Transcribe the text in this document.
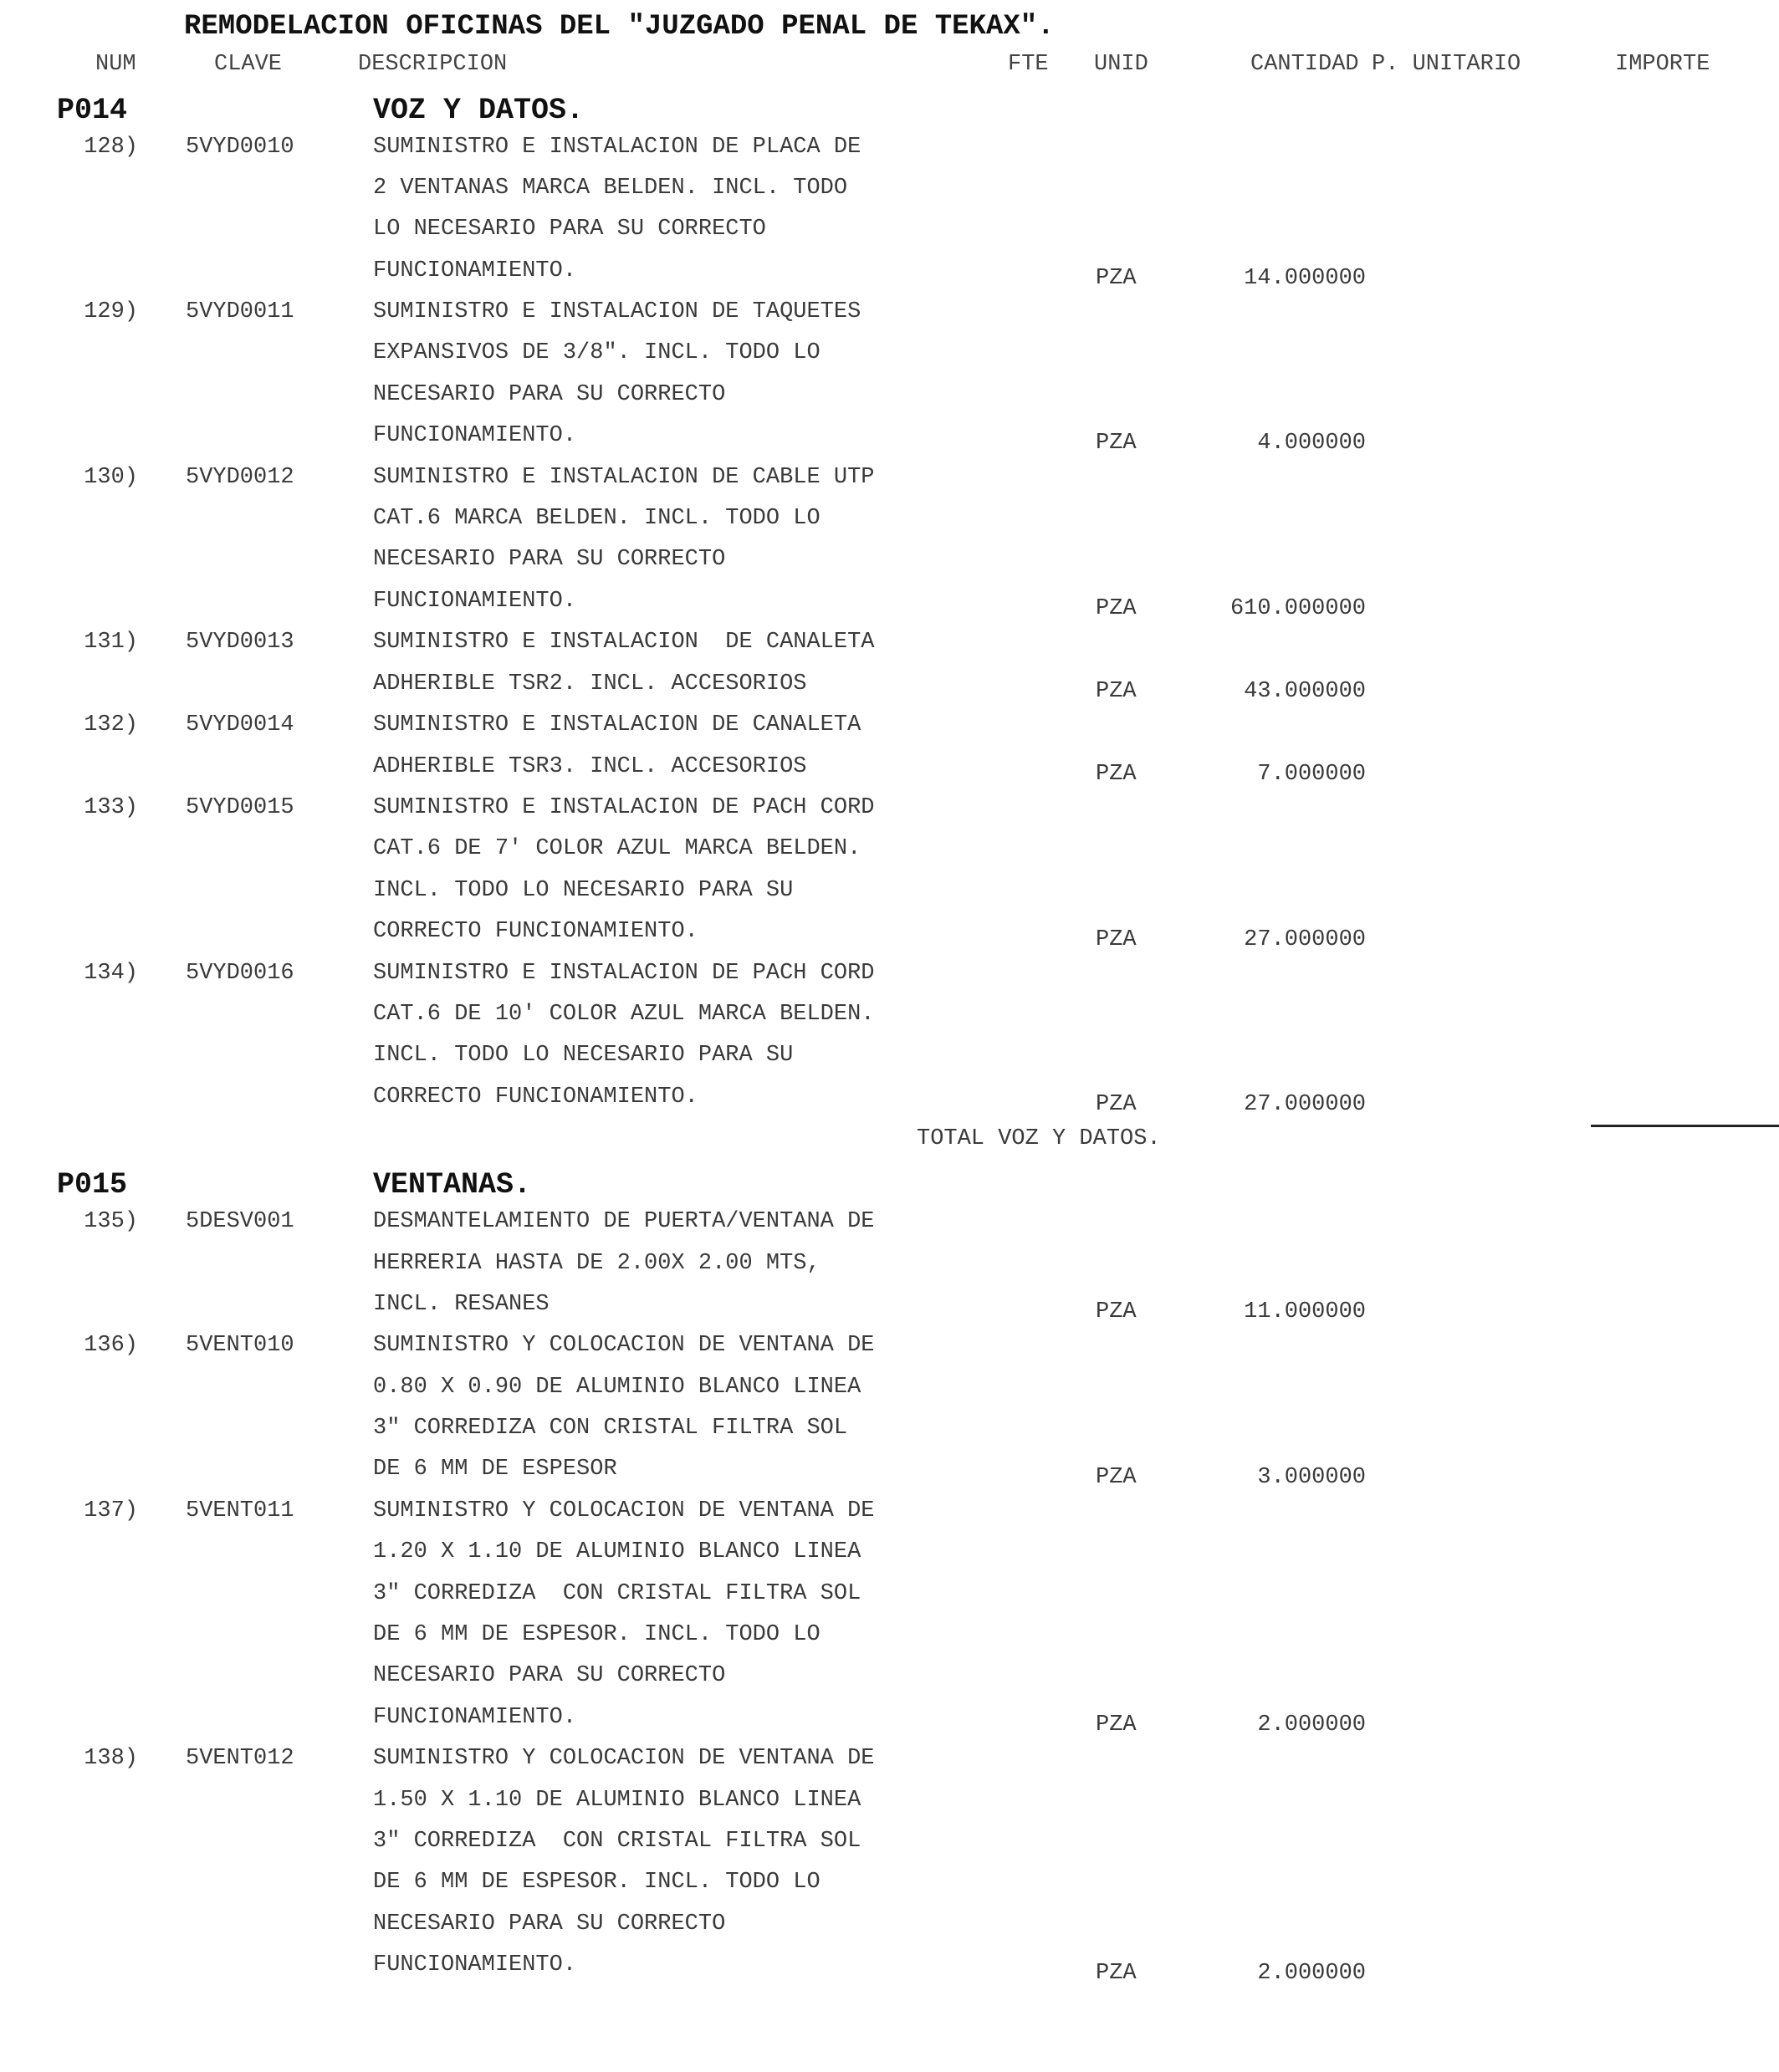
REMODELACION OFICINAS DEL "JUZGADO PENAL DE TEKAX".
NUM	CLAVE	DESCRIPCION	FTE UNID	CANTIDAD P. UNITARIO	IMPORTE
P014	VOZ Y DATOS.
128) 5VYD0010	SUMINISTRO E INSTALACION DE PLACA DE
2 VENTANAS MARCA BELDEN. INCL. TODO
LO NECESARIO PARA SU CORRECTO
FUNCIONAMIENTO.	PZA	14.000000
129) 5VYD0011	SUMINISTRO E INSTALACION DE TAQUETES
EXPANSIVOS DE 3/8". INCL. TODO LO
NECESARIO PARA SU CORRECTO
FUNCIONAMIENTO.	PZA	4.000000
130) 5VYD0012	SUMINISTRO E INSTALACION DE CABLE UTP
CAT.6 MARCA BELDEN. INCL. TODO LO
NECESARIO PARA SU CORRECTO
FUNCIONAMIENTO.	PZA	610.000000
131) 5VYD0013	SUMINISTRO E INSTALACION  DE CANALETA
ADHERIBLE TSR2. INCL. ACCESORIOS	PZA	43.000000
132) 5VYD0014	SUMINISTRO E INSTALACION DE CANALETA
ADHERIBLE TSR3. INCL. ACCESORIOS	PZA	7.000000
133) 5VYD0015	SUMINISTRO E INSTALACION DE PACH CORD
CAT.6 DE 7' COLOR AZUL MARCA BELDEN.
INCL. TODO LO NECESARIO PARA SU
CORRECTO FUNCIONAMIENTO.	PZA	27.000000
134) 5VYD0016	SUMINISTRO E INSTALACION DE PACH CORD
CAT.6 DE 10' COLOR AZUL MARCA BELDEN.
INCL. TODO LO NECESARIO PARA SU
CORRECTO FUNCIONAMIENTO.	PZA	27.000000
TOTAL VOZ Y DATOS.
P015	VENTANAS.
135) 5DESV001	DESMANTELAMIENTO DE PUERTA/VENTANA DE
HERRERIA HASTA DE 2.00X 2.00 MTS,
INCL. RESANES	PZA	11.000000
136) 5VENT010	SUMINISTRO Y COLOCACION DE VENTANA DE
0.80 X 0.90 DE ALUMINIO BLANCO LINEA
3" CORREDIZA CON CRISTAL FILTRA SOL
DE 6 MM DE ESPESOR	PZA	3.000000
137) 5VENT011	SUMINISTRO Y COLOCACION DE VENTANA DE
1.20 X 1.10 DE ALUMINIO BLANCO LINEA
3" CORREDIZA  CON CRISTAL FILTRA SOL
DE 6 MM DE ESPESOR. INCL. TODO LO
NECESARIO PARA SU CORRECTO
FUNCIONAMIENTO.	PZA	2.000000
138) 5VENT012	SUMINISTRO Y COLOCACION DE VENTANA DE
1.50 X 1.10 DE ALUMINIO BLANCO LINEA
3" CORREDIZA  CON CRISTAL FILTRA SOL
DE 6 MM DE ESPESOR. INCL. TODO LO
NECESARIO PARA SU CORRECTO
FUNCIONAMIENTO.	PZA	2.000000
